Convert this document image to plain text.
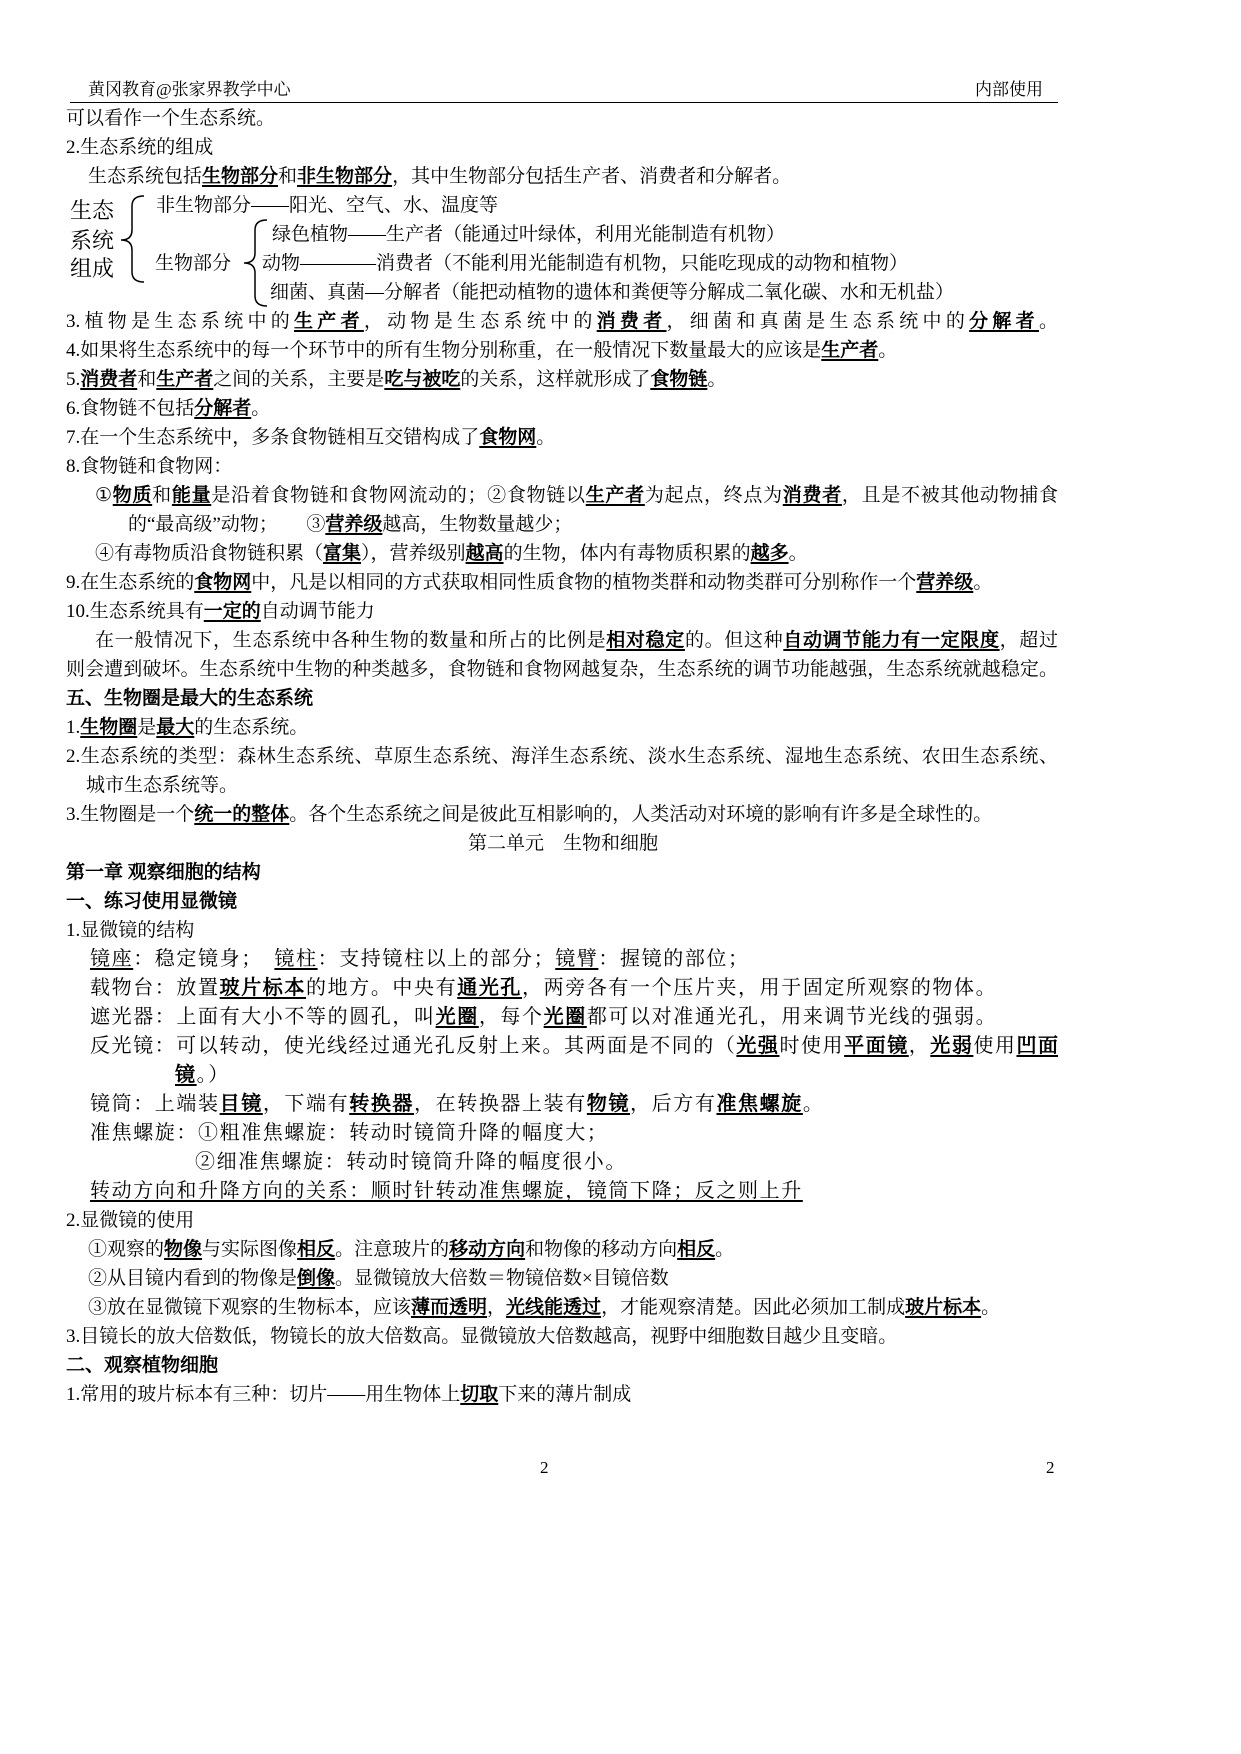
黄冈教育@张家界教学中心	内部使用
可以看作一个生态系统。
2.生态系统的组成
生态系统包括生物部分和非生物部分，其中生物部分包括生产者、消费者和分解者。
生态
系统
组成
非生物部分——阳光、空气、水、温度等
生物部分
绿色植物——生产者（能通过叶绿体，利用光能制造有机物）
动物————消费者（不能利用光能制造有机物，只能吃现成的动物和植物）
细菌、真菌—分解者（能把动植物的遗体和粪便等分解成二氧化碳、水和无机盐）
3.植物是生态系统中的生产者，动物是生态系统中的消费者，细菌和真菌是生态系统中的分解者。
4.如果将生态系统中的每一个环节中的所有生物分别称重，在一般情况下数量最大的应该是生产者。
5.消费者和生产者之间的关系，主要是吃与被吃的关系，这样就形成了食物链。
6.食物链不包括分解者。
7.在一个生态系统中，多条食物链相互交错构成了食物网。
8.食物链和食物网：
①物质和能量是沿着食物链和食物网流动的；②食物链以生产者为起点，终点为消费者，且是不被其他动物捕食
的“最高级”动物；　　③营养级越高，生物数量越少；
④有毒物质沿食物链积累（富集），营养级别越高的生物，体内有毒物质积累的越多。
9.在生态系统的食物网中，凡是以相同的方式获取相同性质食物的植物类群和动物类群可分别称作一个营养级。
10.生态系统具有一定的自动调节能力
在一般情况下，生态系统中各种生物的数量和所占的比例是相对稳定的。但这种自动调节能力有一定限度，超过
则会遭到破坏。生态系统中生物的种类越多，食物链和食物网越复杂，生态系统的调节功能越强，生态系统就越稳定。
五、生物圈是最大的生态系统
1.生物圈是最大的生态系统。
2.生态系统的类型：森林生态系统、草原生态系统、海洋生态系统、淡水生态系统、湿地生态系统、农田生态系统、
城市生态系统等。
3.生物圈是一个统一的整体。各个生态系统之间是彼此互相影响的，人类活动对环境的影响有许多是全球性的。
第二单元　生物和细胞
第一章 观察细胞的结构
一、练习使用显微镜
1.显微镜的结构
镜座：稳定镜身；　镜柱：支持镜柱以上的部分；镜臂：握镜的部位；
载物台：放置玻片标本的地方。中央有通光孔，两旁各有一个压片夹，用于固定所观察的物体。
遮光器：上面有大小不等的圆孔，叫光圈，每个光圈都可以对准通光孔，用来调节光线的强弱。
反光镜：可以转动，使光线经过通光孔反射上来。其两面是不同的（光强时使用平面镜，光弱使用凹面
镜。）
镜筒：上端装目镜，下端有转换器，在转换器上装有物镜，后方有准焦螺旋。
准焦螺旋：①粗准焦螺旋：转动时镜筒升降的幅度大；
②细准焦螺旋：转动时镜筒升降的幅度很小。
转动方向和升降方向的关系：顺时针转动准焦螺旋，镜筒下降；反之则上升
2.显微镜的使用
①观察的物像与实际图像相反。注意玻片的移动方向和物像的移动方向相反。
②从目镜内看到的物像是倒像。显微镜放大倍数＝物镜倍数×目镜倍数
③放在显微镜下观察的生物标本，应该薄而透明，光线能透过，才能观察清楚。因此必须加工制成玻片标本。
3.目镜长的放大倍数低，物镜长的放大倍数高。显微镜放大倍数越高，视野中细胞数目越少且变暗。
二、观察植物细胞
1.常用的玻片标本有三种：切片——用生物体上切取下来的薄片制成
2	2
